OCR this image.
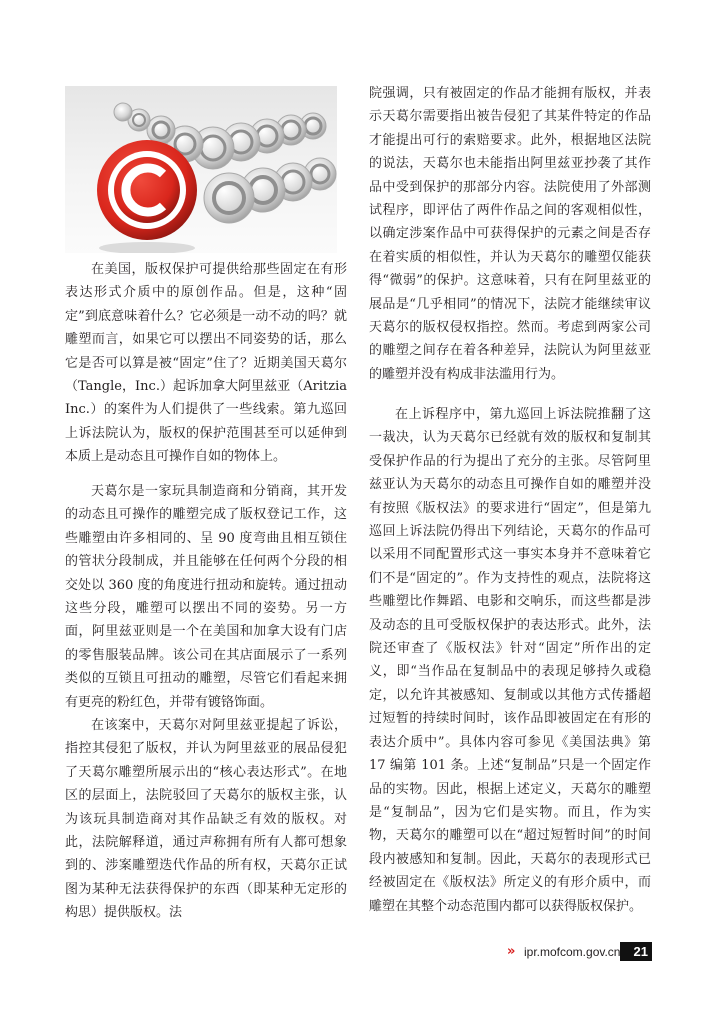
在美国，版权保护可提供给那些固定在有形表达形式介质中的原创作品。但是，这种“固定”到底意味着什么？它必须是一动不动的吗？就雕塑而言，如果它可以摆出不同姿势的话，那么它是否可以算是被“固定”住了？近期美国天葛尔（Tangle，Inc.）起诉加拿大阿里兹亚（Aritzia Inc.）的案件为人们提供了一些线索。第九巡回上诉法院认为，版权的保护范围甚至可以延伸到本质上是动态且可操作自如的物体上。

天葛尔是一家玩具制造商和分销商，其开发的动态且可操作的雕塑完成了版权登记工作，这些雕塑由许多相同的、呈 90 度弯曲且相互锁住的管状分段制成，并且能够在任何两个分段的相交处以 360 度的角度进行扭动和旋转。通过扭动这些分段，雕塑可以摆出不同的姿势。另一方面，阿里兹亚则是一个在美国和加拿大设有门店的零售服装品牌。该公司在其店面展示了一系列类似的互锁且可扭动的雕塑，尽管它们看起来拥有更亮的粉红色，并带有镀铬饰面。

在该案中，天葛尔对阿里兹亚提起了诉讼，指控其侵犯了版权，并认为阿里兹亚的展品侵犯了天葛尔雕塑所展示出的“核心表达形式”。在地区的层面上，法院驳回了天葛尔的版权主张，认为该玩具制造商对其作品缺乏有效的版权。对此，法院解释道，通过声称拥有所有人都可想象到的、涉案雕塑迭代作品的所有权，天葛尔正试图为某种无法获得保护的东西（即某种无定形的构思）提供版权。法

院强调，只有被固定的作品才能拥有版权，并表示天葛尔需要指出被告侵犯了其某件特定的作品才能提出可行的索赔要求。此外，根据地区法院的说法，天葛尔也未能指出阿里兹亚抄袭了其作品中受到保护的那部分内容。法院使用了外部测试程序，即评估了两件作品之间的客观相似性，以确定涉案作品中可获得保护的元素之间是否存在着实质的相似性，并认为天葛尔的雕塑仅能获得“微弱”的保护。这意味着，只有在阿里兹亚的展品是“几乎相同”的情况下，法院才能继续审议天葛尔的版权侵权指控。然而。考虑到两家公司的雕塑之间存在着各种差异，法院认为阿里兹亚的雕塑并没有构成非法滥用行为。

在上诉程序中，第九巡回上诉法院推翻了这一裁决，认为天葛尔已经就有效的版权和复制其受保护作品的行为提出了充分的主张。尽管阿里兹亚认为天葛尔的动态且可操作自如的雕塑并没有按照《版权法》的要求进行“固定”，但是第九巡回上诉法院仍得出下列结论，天葛尔的作品可以采用不同配置形式这一事实本身并不意味着它们不是“固定的”。作为支持性的观点，法院将这些雕塑比作舞蹈、电影和交响乐，而这些都是涉及动态的且可受版权保护的表达形式。此外，法院还审查了《版权法》针对“固定”所作出的定义，即“当作品在复制品中的表现足够持久或稳定，以允许其被感知、复制或以其他方式传播超过短暂的持续时间时，该作品即被固定在有形的表达介质中”。具体内容可参见《美国法典》第 17 编第 101 条。上述“复制品”只是一个固定作品的实物。因此，根据上述定义，天葛尔的雕塑是“复制品”，因为它们是实物。而且，作为实物，天葛尔的雕塑可以在“超过短暂时间”的时间段内被感知和复制。因此，天葛尔的表现形式已经被固定在《版权法》所定义的有形介质中，而雕塑在其整个动态范围内都可以获得版权保护。

» ipr.mofcom.gov.cn	21
